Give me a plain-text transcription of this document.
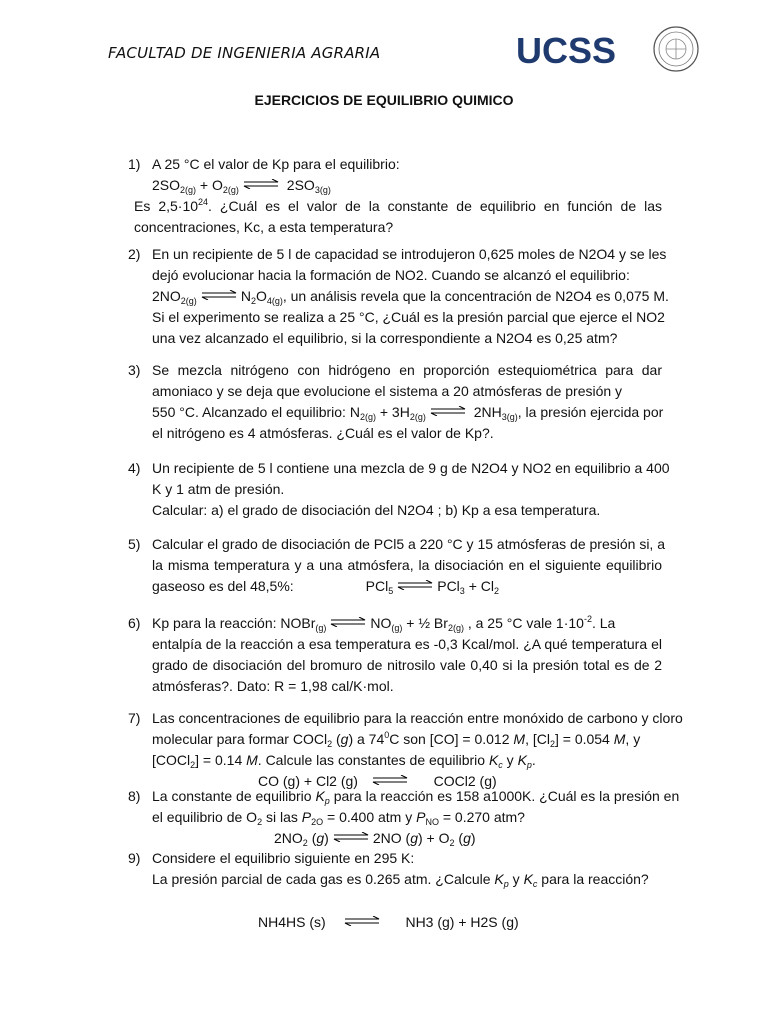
FACULTAD DE INGENIERIA AGRARIA	UCSS
EJERCICIOS DE EQUILIBRIO QUIMICO
1) A 25 °C el valor de Kp para el equilibrio:
$2SO_{2(g)} + O_{2(g)}$ ⇌ $2SO_{3(g)}$
Es $2,5\cdot 10^{24}$. ¿Cuál es el valor de la constante de equilibrio en función de las
concentraciones, Kc, a esta temperatura?
2) En un recipiente de 5 l de capacidad se introdujeron 0,625 moles de N2O4 y se les
dejó evolucionar hacia la formación de NO2. Cuando se alcanzó el equilibrio:
$2NO_{2(g)}$ ⇌ $N_2O_{4(g)}$, un análisis revela que la concentración de N2O4 es 0,075 M.
Si el experimento se realiza a 25 °C, ¿Cuál es la presión parcial que ejerce el NO2
una vez alcanzado el equilibrio, si la correspondiente a N2O4 es 0,25 atm?
3) Se mezcla nitrógeno con hidrógeno en proporción estequiométrica para dar
amoniaco y se deja que evolucione el sistema a 20 atmósferas de presión y
550 °C. Alcanzado el equilibrio: $N_{2(g)} + 3H_{2(g)}$ ⇌ $2NH_{3(g)}$, la presión ejercida por
el nitrógeno es 4 atmósferas. ¿Cuál es el valor de Kp?.
4) Un recipiente de 5 l contiene una mezcla de 9 g de N2O4 y NO2 en equilibrio a 400
K y 1 atm de presión.
Calcular: a) el grado de disociación del N2O4 ; b) Kp a esa temperatura.
5) Calcular el grado de disociación de PCl5 a 220 °C y 15 atmósferas de presión si, a
la misma temperatura y a una atmósfera, la disociación en el siguiente equilibrio
gaseoso es del 48,5%:	PCl$_5$ ⇌ $PCl_3 + Cl_2$
6) Kp para la reacción: NOBr$_{(g)}$ ⇌ $NO_{(g)}$ + ½ $Br_{2(g)}$ , a 25 °C vale $1\cdot 10^{-2}$. La
entalpía de la reacción a esa temperatura es -0,3 Kcal/mol. ¿A qué temperatura el
grado de disociación del bromuro de nitrosilo vale 0,40 si la presión total es de 2
atmósferas?. Dato: R = 1,98 cal/K·mol.
7) Las concentraciones de equilibrio para la reacción entre monóxido de carbono y cloro
molecular para formar COCl$_2$ (g) a $74^0C$ son [CO] = 0.012 M, $[Cl_2] = 0.054$ M, y
[COCl$_2$] = 0.14 M. Calcule las constantes de equilibrio $K_c$ y $K_p$.
CO (g) + Cl2 (g) ⇌ COCl2 (g)
8) La constante de equilibrio $K_p$ para la reacción es 158 a1000K. ¿Cuál es la presión en
el equilibrio de $O_2$ si las $P_{2O} = 0.400$ atm y $P_{NO} = 0.270$ atm?
$2NO_2$ (g) ⇌ 2NO $(g) + O_2$ (g)
9) Considere el equilibrio siguiente en 295 K:
La presión parcial de cada gas es 0.265 atm. ¿Calcule $K_p$ y $K_c$ para la reacción?
NH4HS (s) ⇌ NH3 (g) + H2S (g)
